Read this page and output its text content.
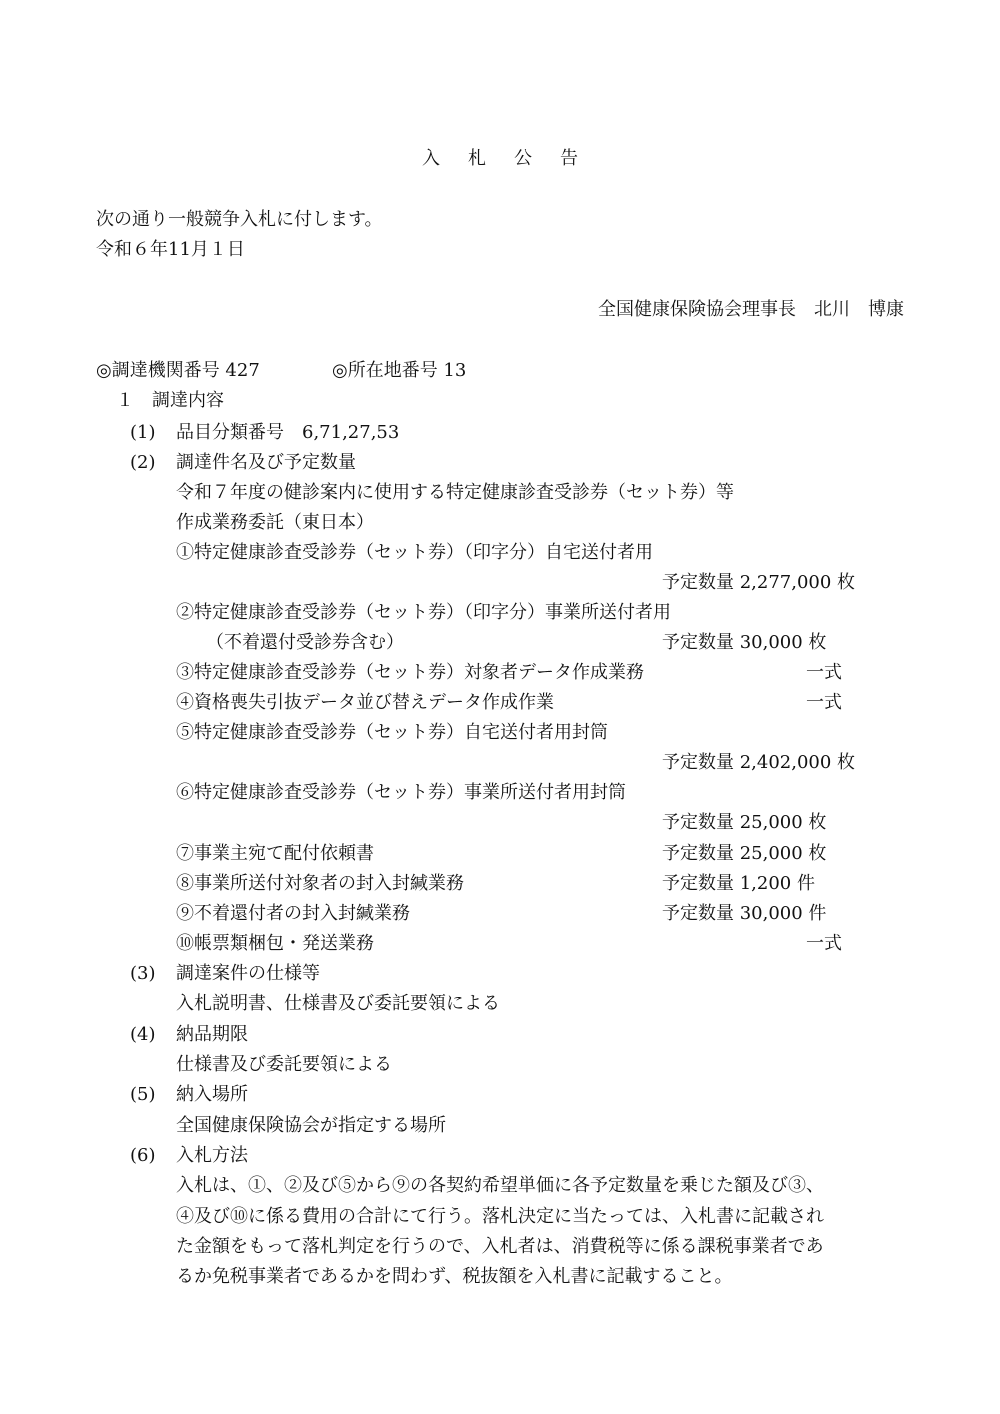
入 札 公 告
次の通り一般競争入札に付します。
令和６年11月１日
全国健康保険協会理事長　北川　博康
◎調達機関番号 427	◎所在地番号 13
１　調達内容
(1) 品目分類番号　6,71,27,53
(2) 調達件名及び予定数量
令和７年度の健診案内に使用する特定健康診査受診券（セット券）等
作成業務委託（東日本）
①特定健康診査受診券（セット券）（印字分）自宅送付者用
予定数量 2,277,000 枚
②特定健康診査受診券（セット券）（印字分）事業所送付者用
（不着還付受診券含む）	予定数量 30,000 枚
③特定健康診査受診券（セット券）対象者データ作成業務	一式
④資格喪失引抜データ並び替えデータ作成作業	一式
⑤特定健康診査受診券（セット券）自宅送付者用封筒
予定数量 2,402,000 枚
⑥特定健康診査受診券（セット券）事業所送付者用封筒
予定数量 25,000 枚
⑦事業主宛て配付依頼書	予定数量 25,000 枚
⑧事業所送付対象者の封入封緘業務	予定数量 1,200 件
⑨不着還付者の封入封緘業務	予定数量 30,000 件
⑩帳票類梱包・発送業務	一式
(3) 調達案件の仕様等
入札説明書、仕様書及び委託要領による
(4) 納品期限
仕様書及び委託要領による
(5) 納入場所
全国健康保険協会が指定する場所
(6) 入札方法
入札は、①、②及び⑤から⑨の各契約希望単価に各予定数量を乗じた額及び③、
④及び⑩に係る費用の合計にて行う。落札決定に当たっては、入札書に記載され
た金額をもって落札判定を行うので、入札者は、消費税等に係る課税事業者であ
るか免税事業者であるかを問わず、税抜額を入札書に記載すること。
